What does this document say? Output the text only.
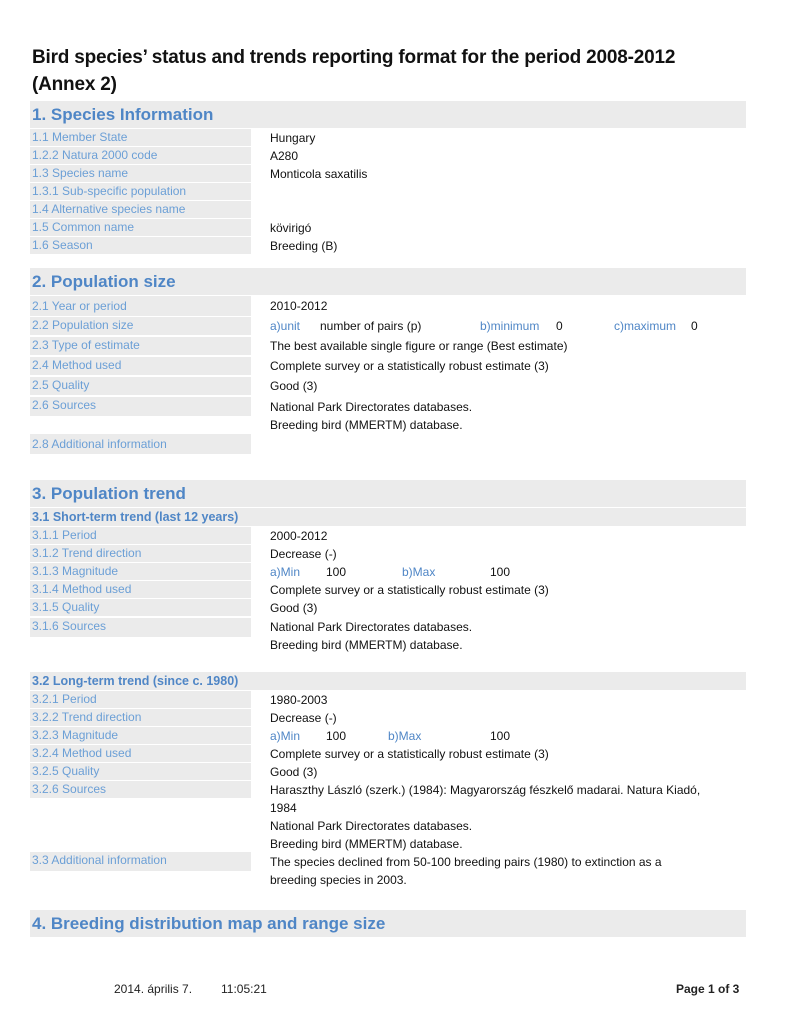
Bird species’ status and trends reporting format for the period 2008-2012
(Annex 2)
1. Species Information
1.1 Member State	Hungary
1.2.2 Natura 2000 code	A280
1.3 Species name	Monticola saxatilis
1.3.1 Sub-specific population
1.4 Alternative species name
1.5 Common name	kövirigó
1.6 Season	Breeding (B)
2. Population size
2.1 Year or period	2010-2012
2.2 Population size	a)unit number of pairs (p)	b)minimum 0	c)maximum 0
2.3 Type of estimate	The best available single figure or range (Best estimate)
2.4 Method used	Complete survey or a statistically robust estimate (3)
2.5 Quality	Good (3)
2.6 Sources	National Park Directorates databases.
Breeding bird (MMERTM) database.
2.8 Additional information
3. Population trend
3.1 Short-term trend (last 12 years)
3.1.1 Period	2000-2012
3.1.2 Trend direction	Decrease (-)
3.1.3 Magnitude	a)Min 100	b)Max	100
3.1.4 Method used	Complete survey or a statistically robust estimate (3)
3.1.5 Quality	Good (3)
3.1.6 Sources	National Park Directorates databases.
Breeding bird (MMERTM) database.
3.2 Long-term trend (since c. 1980)
3.2.1 Period	1980-2003
3.2.2 Trend direction	Decrease (-)
3.2.3 Magnitude	a)Min 100	b)Max	100
3.2.4 Method used	Complete survey or a statistically robust estimate (3)
3.2.5 Quality	Good (3)
3.2.6 Sources	Haraszthy László (szerk.) (1984): Magyarország fészkelő madarai. Natura Kiadó,
1984
National Park Directorates databases.
Breeding bird (MMERTM) database.
3.3 Additional information	The species declined from 50-100 breeding pairs (1980) to extinction as a
breeding species in 2003.
4. Breeding distribution map and range size
2014. április 7. 11:05:21	Page 1 of 3
